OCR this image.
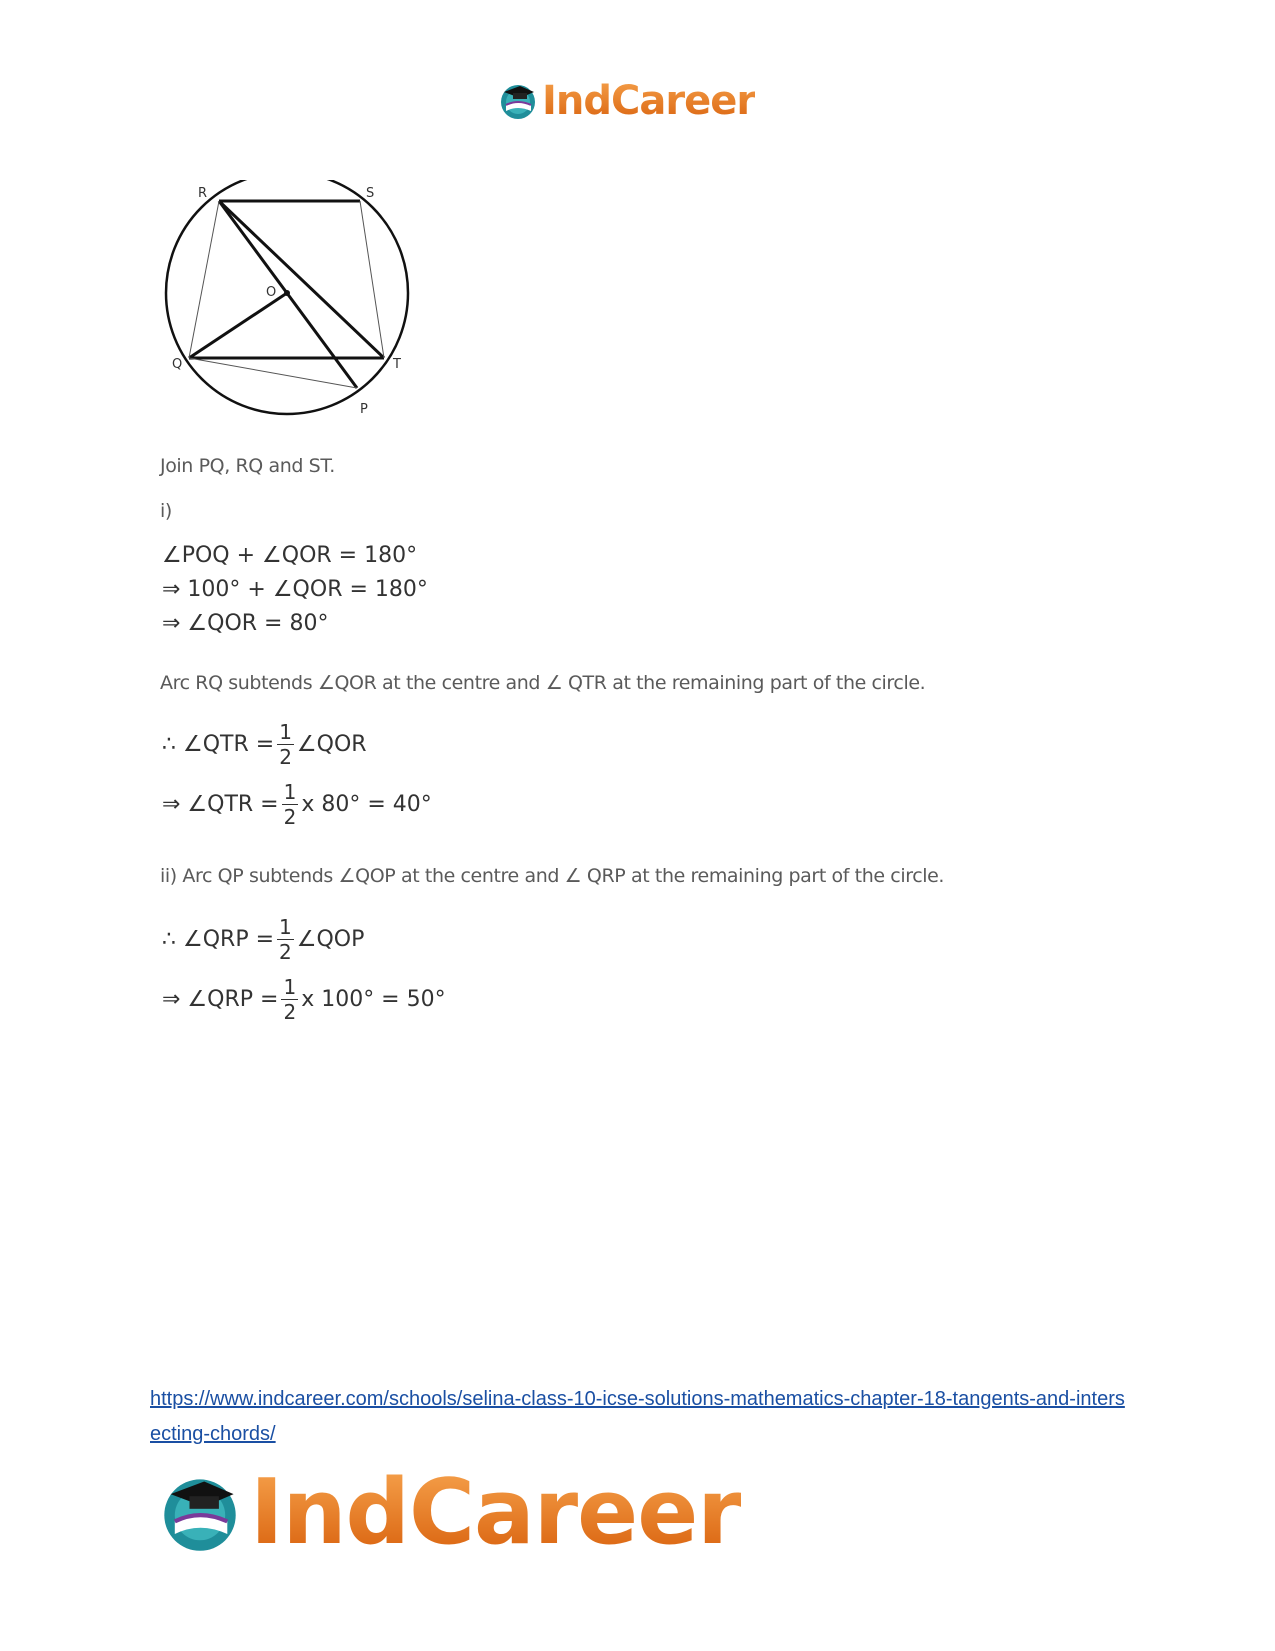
IndCareer
R	S
O
Q	T
P
Join PQ, RQ and ST.
i)
∠POQ + ∠QOR = 180°
⇒ 100° + ∠QOR = 180°
⇒ ∠QOR = 80°
Arc RQ subtends ∠QOR at the centre and ∠ QTR at the remaining part of the circle.
∴ ∠QTR = $\frac{1}{2}$ ∠QOR
⇒ ∠QTR = $\frac{1}{2}$ x 80° = 40°
ii) Arc QP subtends ∠QOP at the centre and ∠ QRP at the remaining part of the circle.
∴ ∠QRP = $\frac{1}{2}$ ∠QOP
⇒ ∠QRP = $\frac{1}{2}$ x 100° = 50°
https://www.indcareer.com/schools/selina-class-10-icse-solutions-mathematics-chapter-18-tangents-and-intersecting-chords/
IndCareer
